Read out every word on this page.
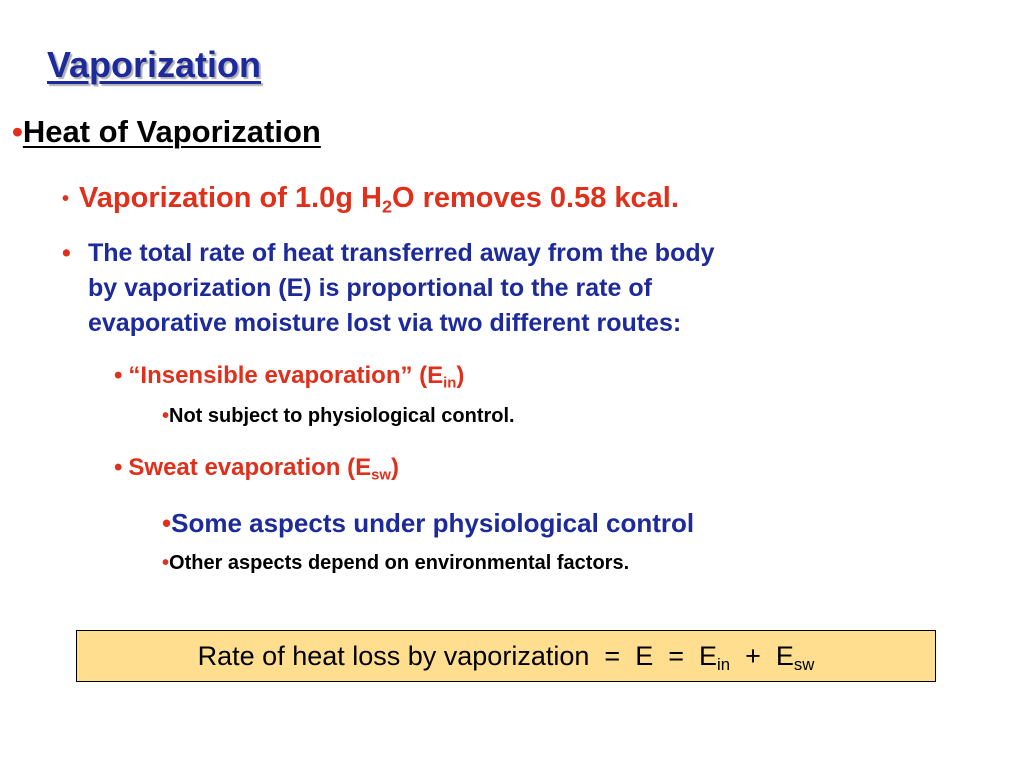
Vaporization
•Heat of Vaporization
• Vaporization of 1.0g $H_2O$ removes 0.58 kcal.
• The total rate of heat transferred away from the body
by vaporization (E) is proportional to the rate of
evaporative moisture lost via two different routes:
• “Insensible evaporation” $(E_{in})$
•Not subject to physiological control.
• Sweat evaporation $(E_{sw})$
•Some aspects under physiological control
•Other aspects depend on environmental factors.
Rate of heat loss by vaporization = $E = E_{in} + E_{sw}$
